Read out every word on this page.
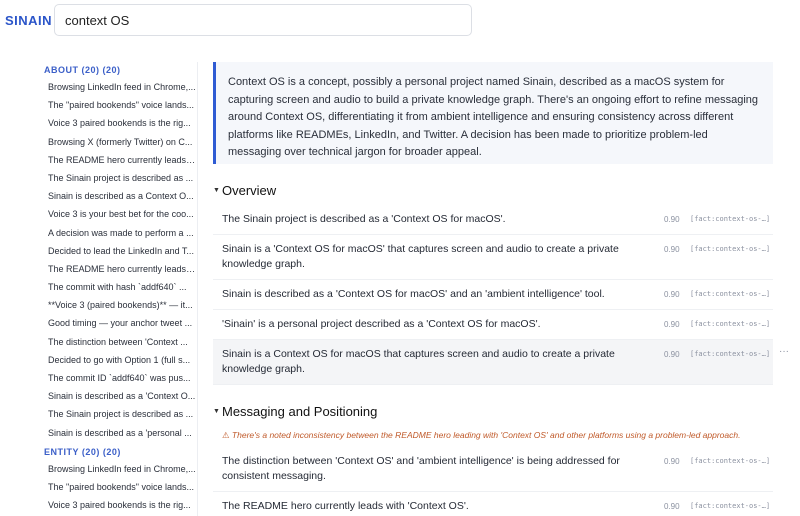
SINAIN
context OS
ABOUT (20) (20)
Browsing LinkedIn feed in Chrome,...
The "paired bookends" voice lands...
Voice 3 paired bookends is the rig...
Browsing X (formerly Twitter) on C...
The README hero currently leads ...
The Sinain project is described as ...
Sinain is described as a Context O...
Voice 3 is your best bet for the coo...
A decision was made to perform a ...
Decided to lead the LinkedIn and T...
The README hero currently leads ...
The commit with hash `addf640` ...
**Voice 3 (paired bookends)** — it...
Good timing — your anchor tweet ...
The distinction between 'Context ...
Decided to go with Option 1 (full s...
The commit ID `addf640` was pus...
Sinain is described as a 'Context O...
The Sinain project is described as ...
Sinain is described as a 'personal ...
ENTITY (20) (20)
Browsing LinkedIn feed in Chrome,...
The "paired bookends" voice lands...
Voice 3 paired bookends is the rig...
Context OS is a concept, possibly a personal project named Sinain, described as a macOS system for capturing screen and audio to build a private knowledge graph. There's an ongoing effort to refine messaging around Context OS, differentiating it from ambient intelligence and ensuring consistency across different platforms like READMEs, LinkedIn, and Twitter. A decision has been made to prioritize problem-led messaging over technical jargon for broader appeal.
▼ Overview
The Sinain project is described as a 'Context OS for macOS'.	0.90 [fact:context-os-…]
Sinain is a 'Context OS for macOS' that captures screen and audio to create a private knowledge graph.
0.90 [fact:context-os-…]
Sinain is described as a 'Context OS for macOS' and an 'ambient intelligence' tool.	0.90 [fact:context-os-…]
'Sinain' is a personal project described as a 'Context OS for macOS'.	0.90 [fact:context-os-…]
Sinain is a Context OS for macOS that captures screen and audio to create a private knowledge graph.
0.90 [fact:context-os-…] ···
▼ Messaging and Positioning
⚠ There's a noted inconsistency between the README hero leading with 'Context OS' and other platforms using a problem-led approach.
The distinction between 'Context OS' and 'ambient intelligence' is being addressed for consistent messaging.
0.90 [fact:context-os-…]
The README hero currently leads with 'Context OS'.	0.90 [fact:context-os-…]
